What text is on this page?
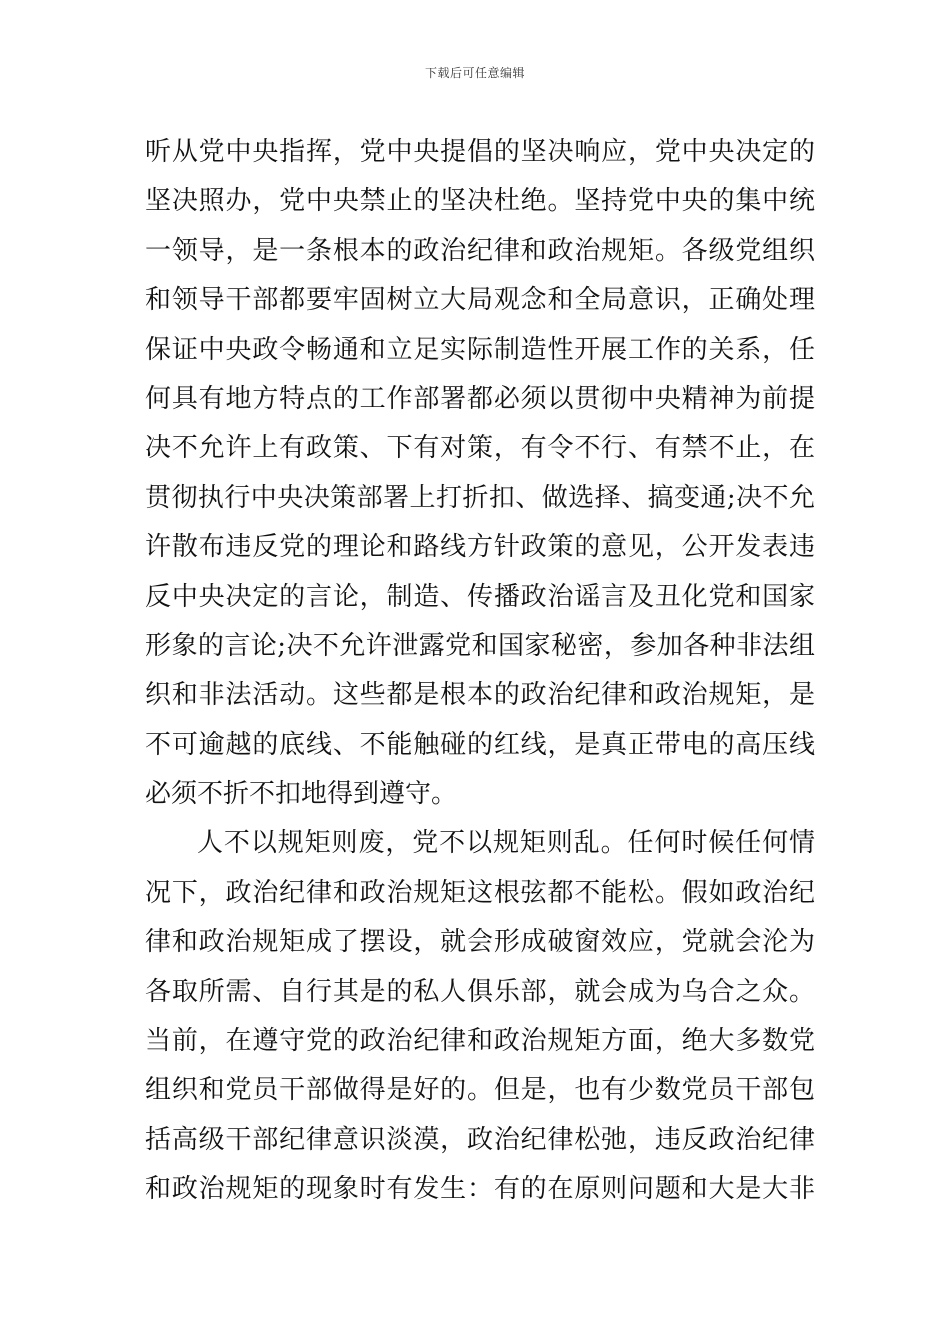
下载后可任意编辑
听从党中央指挥，党中央提倡的坚决响应，党中央决定的
坚决照办，党中央禁止的坚决杜绝。坚持党中央的集中统
一领导，是一条根本的政治纪律和政治规矩。各级党组织
和领导干部都要牢固树立大局观念和全局意识，正确处理
保证中央政令畅通和立足实际制造性开展工作的关系，任
何具有地方特点的工作部署都必须以贯彻中央精神为前提
决不允许上有政策、下有对策，有令不行、有禁不止，在
贯彻执行中央决策部署上打折扣、做选择、搞变通;决不允
许散布违反党的理论和路线方针政策的意见，公开发表违
反中央决定的言论，制造、传播政治谣言及丑化党和国家
形象的言论;决不允许泄露党和国家秘密，参加各种非法组
织和非法活动。这些都是根本的政治纪律和政治规矩，是
不可逾越的底线、不能触碰的红线，是真正带电的高压线
必须不折不扣地得到遵守。
人不以规矩则废，党不以规矩则乱。任何时候任何情
况下，政治纪律和政治规矩这根弦都不能松。假如政治纪
律和政治规矩成了摆设，就会形成破窗效应，党就会沦为
各取所需、自行其是的私人俱乐部，就会成为乌合之众。
当前，在遵守党的政治纪律和政治规矩方面，绝大多数党
组织和党员干部做得是好的。但是，也有少数党员干部包
括高级干部纪律意识淡漠，政治纪律松弛，违反政治纪律
和政治规矩的现象时有发生：有的在原则问题和大是大非
